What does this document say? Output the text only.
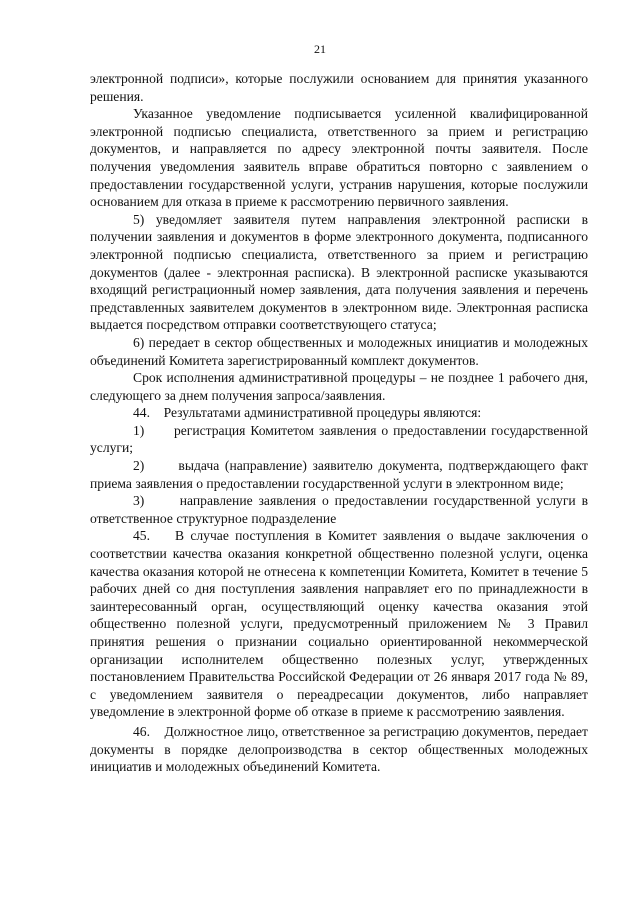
21

электронной подписи», которые послужили основанием для принятия указанного решения.

Указанное уведомление подписывается усиленной квалифицированной электронной подписью специалиста, ответственного за прием и регистрацию документов, и направляется по адресу электронной почты заявителя. После получения уведомления заявитель вправе обратиться повторно с заявлением о предоставлении государственной услуги, устранив нарушения, которые послужили основанием для отказа в приеме к рассмотрению первичного заявления.

5) уведомляет заявителя путем направления электронной расписки в получении заявления и документов в форме электронного документа, подписанного электронной подписью специалиста, ответственного за прием и регистрацию документов (далее - электронная расписка). В электронной расписке указываются входящий регистрационный номер заявления, дата получения заявления и перечень представленных заявителем документов в электронном виде. Электронная расписка выдается посредством отправки соответствующего статуса;

6) передает в сектор общественных и молодежных инициатив и молодежных объединений Комитета зарегистрированный комплект документов.

Срок исполнения административной процедуры – не позднее 1 рабочего дня, следующего за днем получения запроса/заявления.

44.    Результатами административной процедуры являются:

1)      регистрация Комитетом заявления о предоставлении государственной услуги;

2)      выдача (направление) заявителю документа, подтверждающего факт приема заявления о предоставлении государственной услуги в электронном виде;

3)      направление заявления о предоставлении государственной услуги в ответственное структурное подразделение

45.    В случае поступления в Комитет заявления о выдаче заключения о соответствии качества оказания конкретной общественно полезной услуги, оценка качества оказания которой не отнесена к компетенции Комитета, Комитет в течение 5 рабочих дней со дня поступления заявления направляет его по принадлежности в заинтересованный орган, осуществляющий оценку качества оказания этой общественно полезной услуги, предусмотренный приложением № 3 Правил принятия решения о признании социально ориентированной некоммерческой организации исполнителем общественно полезных услуг, утвержденных постановлением Правительства Российской Федерации от 26 января 2017 года № 89, с уведомлением заявителя о переадресации документов, либо направляет уведомление в электронной форме об отказе в приеме к рассмотрению заявления.

46.    Должностное лицо, ответственное за регистрацию документов, передает документы в порядке делопроизводства в сектор общественных молодежных инициатив и молодежных объединений Комитета.
